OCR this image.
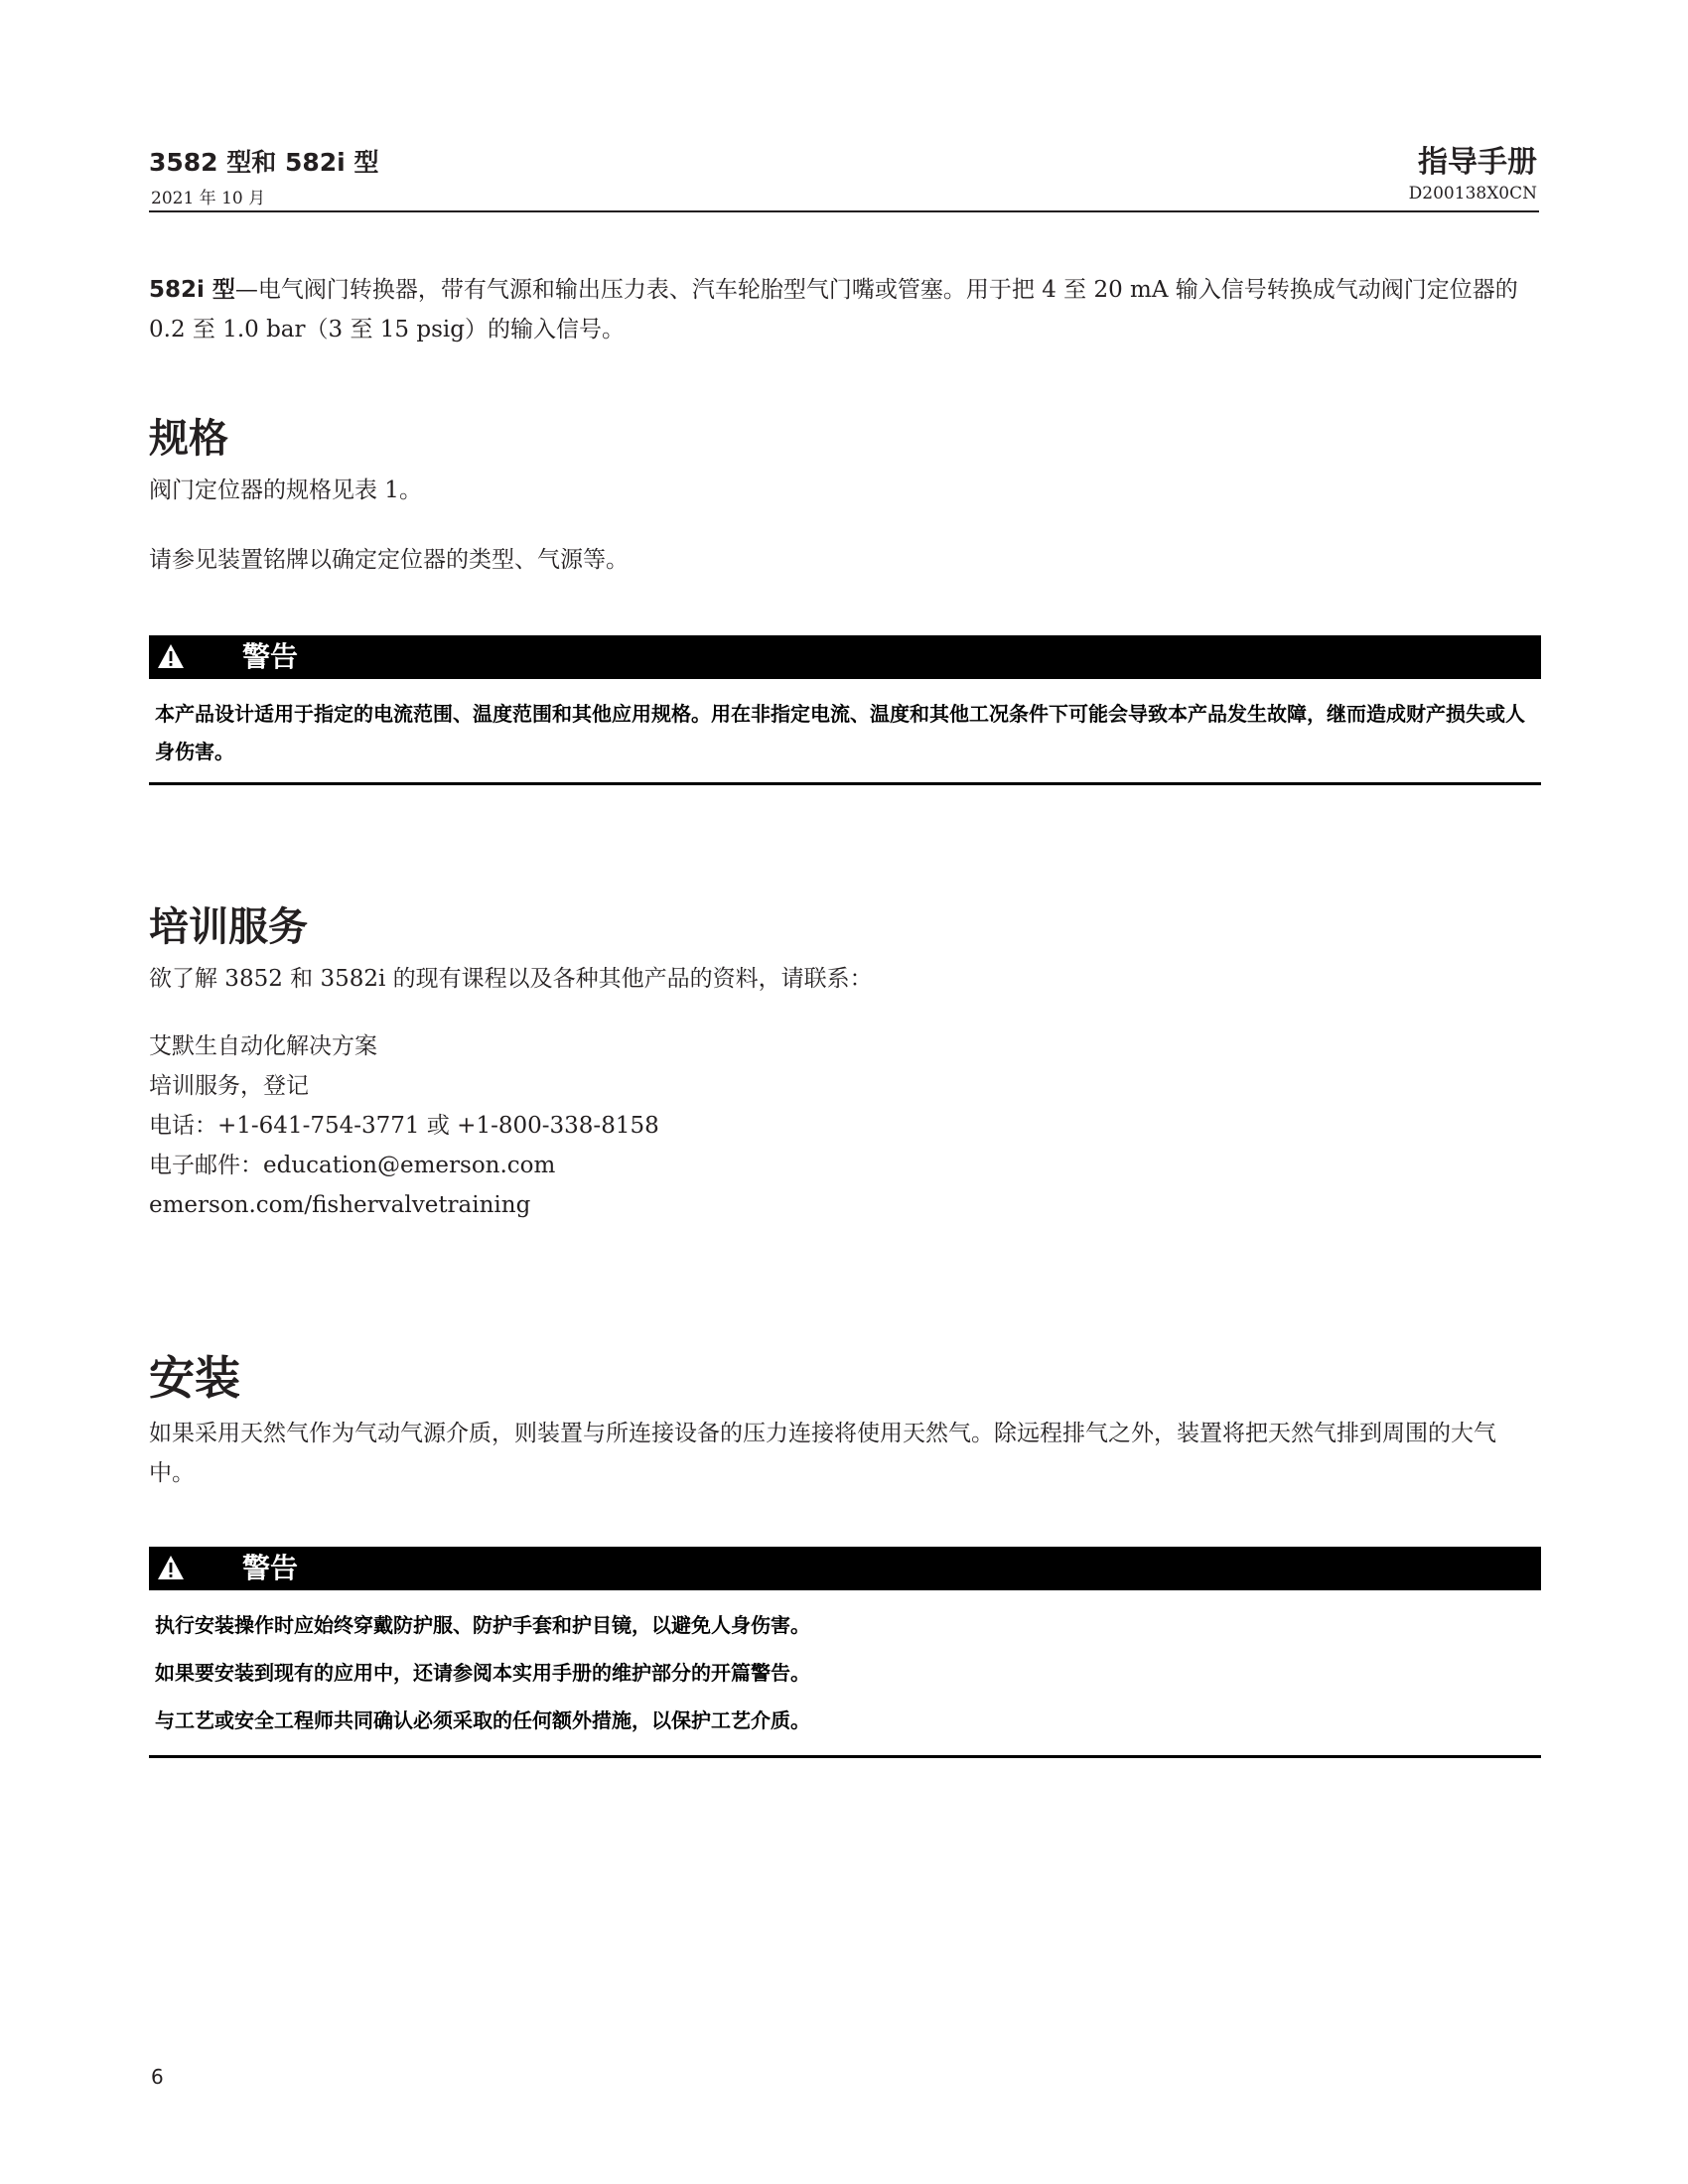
3582 型和 582i 型
2021 年 10 月
指导手册
D200138X0CN
582i 型—电气阀门转换器，带有气源和输出压力表、汽车轮胎型气门嘴或管塞。用于把 4 至 20 mA 输入信号转换成气动阀门定位器的 0.2 至 1.0 bar（3 至 15 psig）的输入信号。
规格
阀门定位器的规格见表 1。
请参见装置铭牌以确定定位器的类型、气源等。
警告
本产品设计适用于指定的电流范围、温度范围和其他应用规格。用在非指定电流、温度和其他工况条件下可能会导致本产品发生故障，继而造成财产损失或人身伤害。
培训服务
欲了解 3852 和 3582i 的现有课程以及各种其他产品的资料，请联系：
艾默生自动化解决方案
培训服务，登记
电话：+1-641-754-3771 或 +1-800-338-8158
电子邮件：education@emerson.com
emerson.com/fishervalvetraining
安装
如果采用天然气作为气动气源介质，则装置与所连接设备的压力连接将使用天然气。除远程排气之外，装置将把天然气排到周围的大气中。
警告
执行安装操作时应始终穿戴防护服、防护手套和护目镜，以避免人身伤害。
如果要安装到现有的应用中，还请参阅本实用手册的维护部分的开篇警告。
与工艺或安全工程师共同确认必须采取的任何额外措施，以保护工艺介质。
6
